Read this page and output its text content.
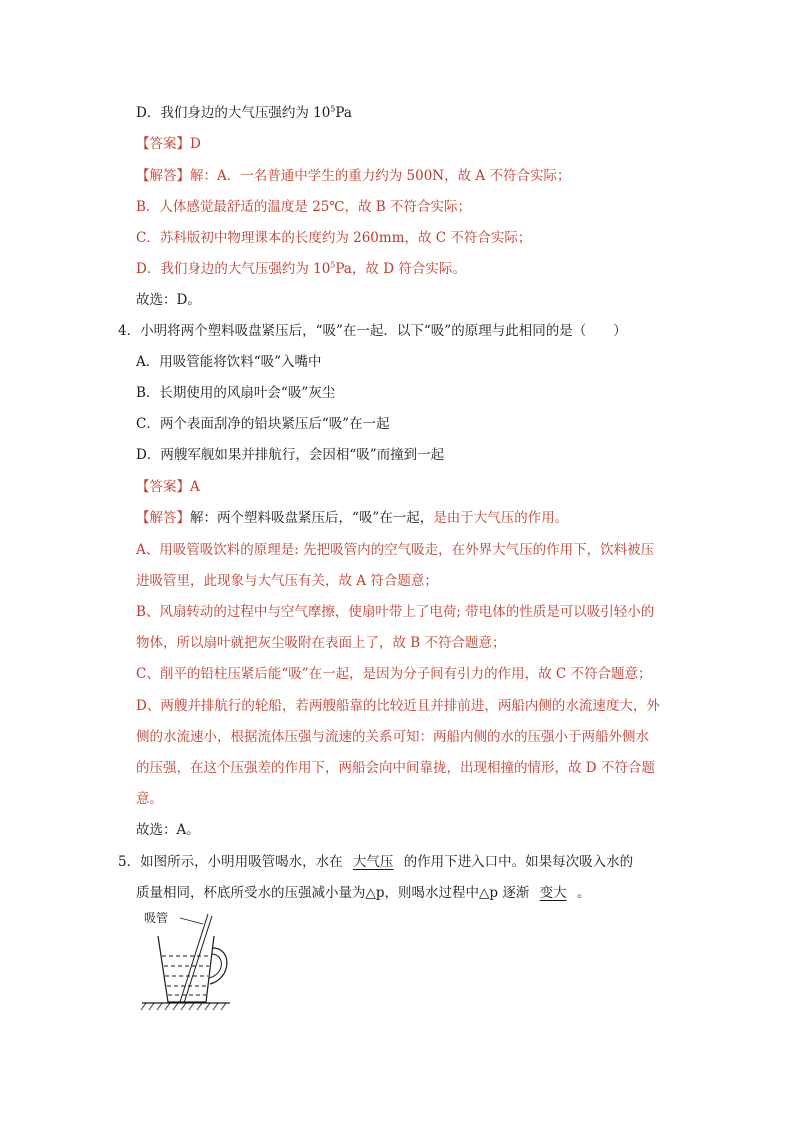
D．我们身边的大气压强约为 $10^5Pa$
【答案】D
【解答】解：A．一名普通中学生的重力约为 500N，故 A 不符合实际；
B．人体感觉最舒适的温度是 25℃，故 B 不符合实际；
C．苏科版初中物理课本的长度约为 260mm，故 C 不符合实际；
D．我们身边的大气压强约为 $10^5Pa$，故 D 符合实际。
故选：D。
4．小明将两个塑料吸盘紧压后，“吸”在一起．以下“吸”的原理与此相同的是（　　）
A．用吸管能将饮料“吸”入嘴中
B．长期使用的风扇叶会“吸”灰尘
C．两个表面刮净的铅块紧压后“吸”在一起
D．两艘军舰如果并排航行，会因相“吸”而撞到一起
【答案】A
【解答】解：两个塑料吸盘紧压后，“吸”在一起，是由于大气压的作用。
A、用吸管吸饮料的原理是: 先把吸管内的空气吸走，在外界大气压的作用下，饮料被压
进吸管里，此现象与大气压有关，故 A 符合题意；
B、风扇转动的过程中与空气摩擦，使扇叶带上了电荷; 带电体的性质是可以吸引轻小的
物体，所以扇叶就把灰尘吸附在表面上了，故 B 不符合题意；
C、削平的铅柱压紧后能“吸”在一起，是因为分子间有引力的作用，故 C 不符合题意；
D、两艘并排航行的轮船，若两艘船靠的比较近且并排前进，两船内侧的水流速度大，外
侧的水流速小，根据流体压强与流速的关系可知：两船内侧的水的压强小于两船外侧水
的压强，在这个压强差的作用下，两船会向中间靠拢，出现相撞的情形，故 D 不符合题
意。
故选：A。
5．如图所示，小明用吸管喝水，水在 大气压 的作用下进入口中。如果每次吸入水的
质量相同，杯底所受水的压强减小量为△p，则喝水过程中△p 逐渐 变大 。
吸管
